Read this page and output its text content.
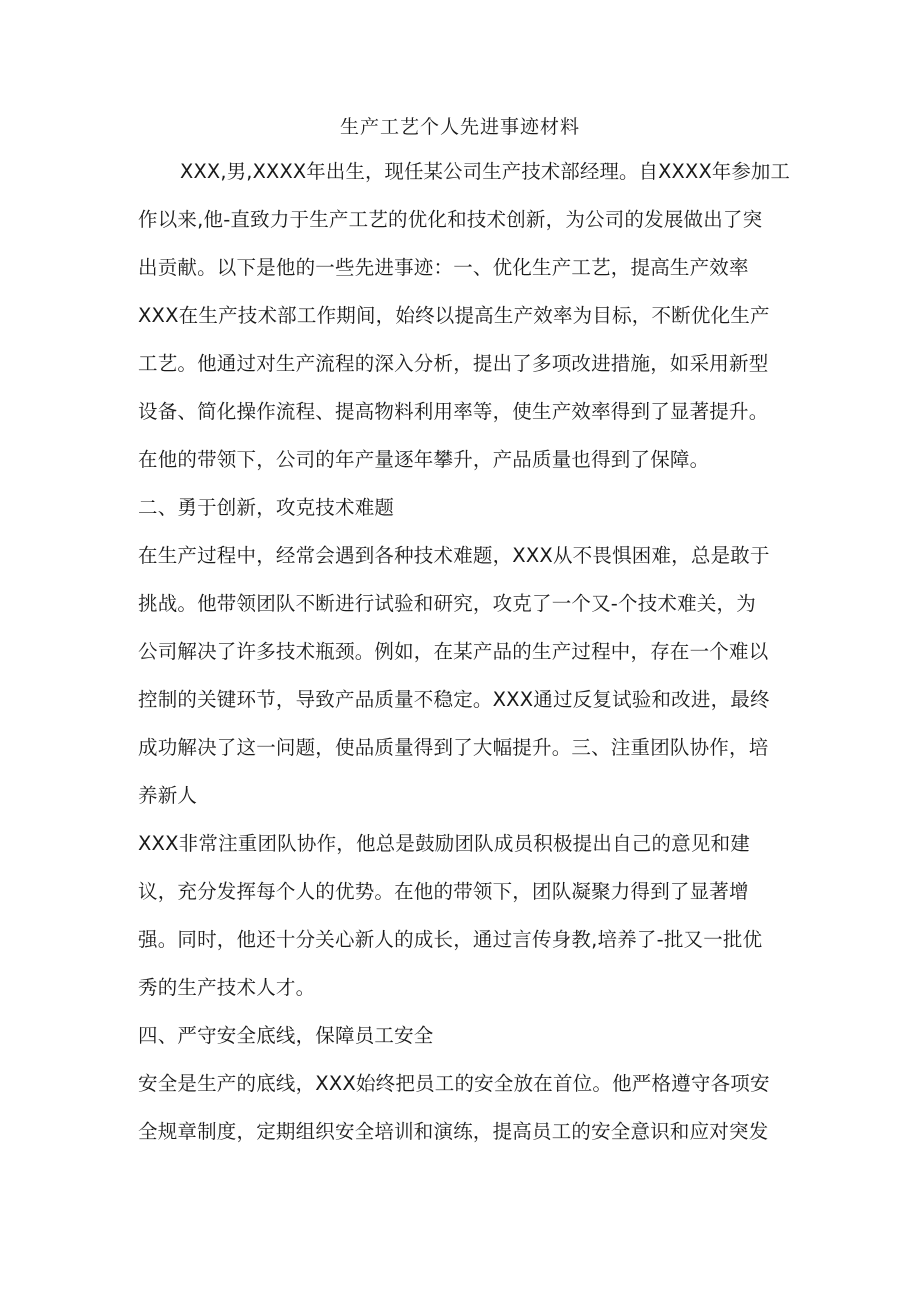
生产工艺个人先进事迹材料
XXX,男,XXXX年出生，现任某公司生产技术部经理。自XXXX年参加工
作以来,他-直致力于生产工艺的优化和技术创新，为公司的发展做出了突
出贡献。以下是他的一些先进事迹：一、优化生产工艺，提高生产效率
XXX在生产技术部工作期间，始终以提高生产效率为目标，不断优化生产
工艺。他通过对生产流程的深入分析，提出了多项改进措施，如采用新型
设备、简化操作流程、提高物料利用率等，使生产效率得到了显著提升。
在他的带领下，公司的年产量逐年攀升，产品质量也得到了保障。
二、勇于创新，攻克技术难题
在生产过程中，经常会遇到各种技术难题，XXX从不畏惧困难，总是敢于
挑战。他带领团队不断进行试验和研究，攻克了一个又-个技术难关，为
公司解决了许多技术瓶颈。例如，在某产品的生产过程中，存在一个难以
控制的关键环节，导致产品质量不稳定。XXX通过反复试验和改进，最终
成功解决了这一问题，使品质量得到了大幅提升。三、注重团队协作，培
养新人
XXX非常注重团队协作，他总是鼓励团队成员积极提出自己的意见和建
议，充分发挥每个人的优势。在他的带领下，团队凝聚力得到了显著增
强。同时，他还十分关心新人的成长，通过言传身教,培养了-批又一批优
秀的生产技术人才。
四、严守安全底线，保障员工安全
安全是生产的底线，XXX始终把员工的安全放在首位。他严格遵守各项安
全规章制度，定期组织安全培训和演练，提高员工的安全意识和应对突发
